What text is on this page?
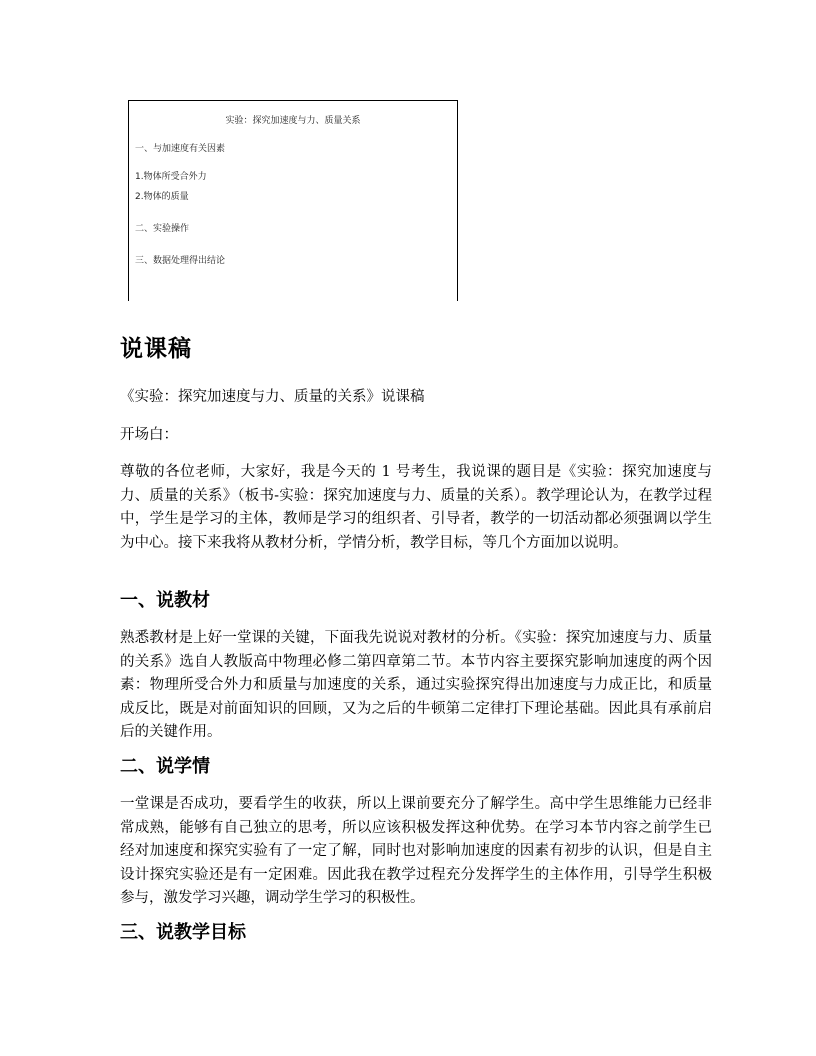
实验：探究加速度与力、质量关系
一、与加速度有关因素
1.物体所受合外力
2.物体的质量
二、实验操作
三、数据处理得出结论
说课稿

《实验：探究加速度与力、质量的关系》说课稿

开场白：

尊敬的各位老师，大家好，我是今天的 1 号考生，我说课的题目是《实验：探究加速度与力、质量的关系》（板书-实验：探究加速度与力、质量的关系）。教学理论认为，在教学过程中，学生是学习的主体，教师是学习的组织者、引导者，教学的一切活动都必须强调以学生为中心。接下来我将从教材分析，学情分析，教学目标，等几个方面加以说明。

一、说教材

熟悉教材是上好一堂课的关键，下面我先说说对教材的分析。《实验：探究加速度与力、质量的关系》选自人教版高中物理必修二第四章第二节。本节内容主要探究影响加速度的两个因素：物理所受合外力和质量与加速度的关系，通过实验探究得出加速度与力成正比，和质量成反比，既是对前面知识的回顾，又为之后的牛顿第二定律打下理论基础。因此具有承前启后的关键作用。

二、说学情

一堂课是否成功，要看学生的收获，所以上课前要充分了解学生。高中学生思维能力已经非常成熟，能够有自己独立的思考，所以应该积极发挥这种优势。在学习本节内容之前学生已经对加速度和探究实验有了一定了解，同时也对影响加速度的因素有初步的认识，但是自主设计探究实验还是有一定困难。因此我在教学过程充分发挥学生的主体作用，引导学生积极参与，激发学习兴趣，调动学生学习的积极性。

三、说教学目标
